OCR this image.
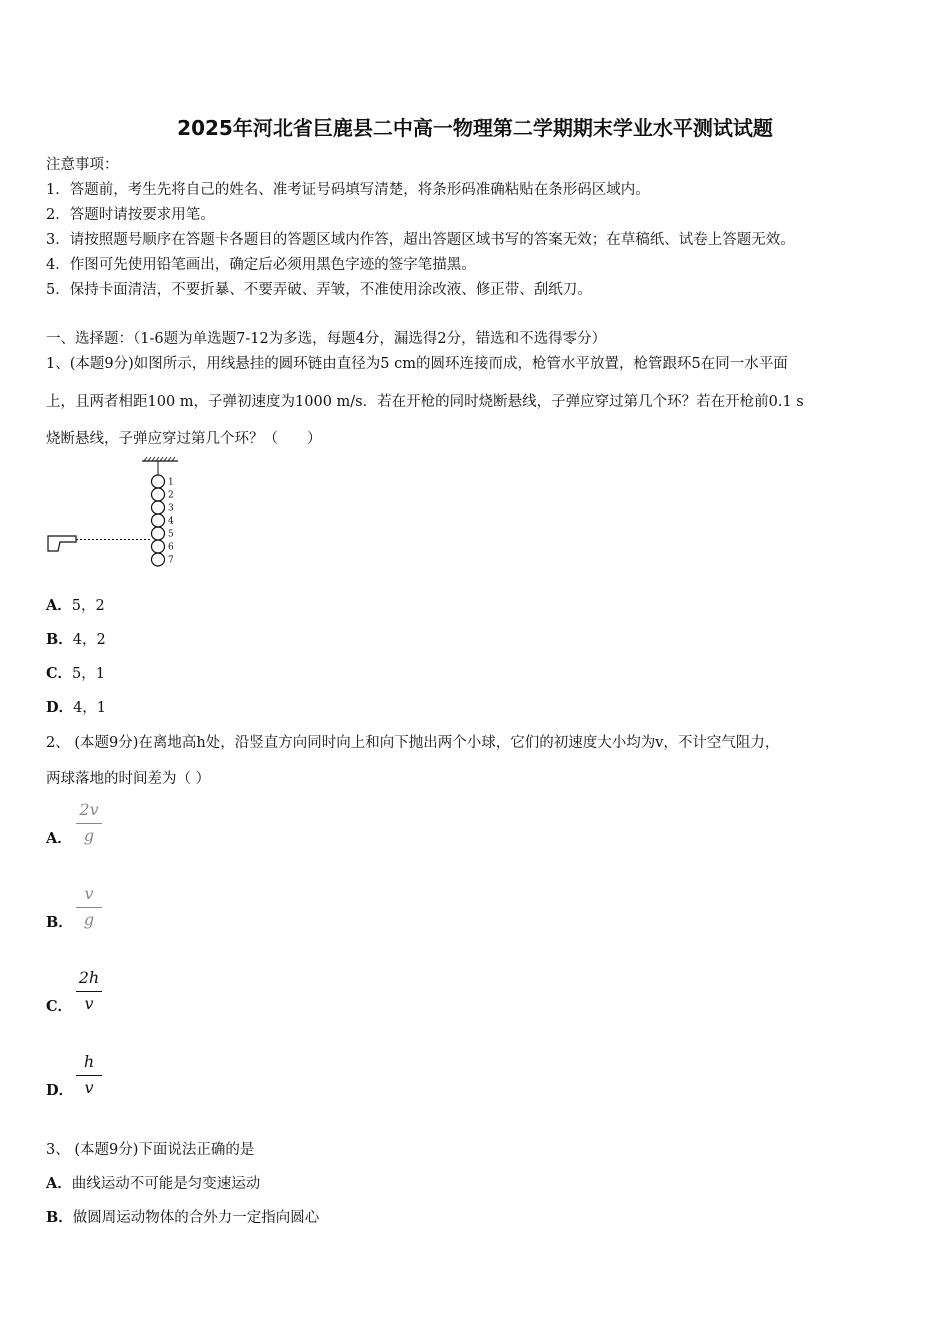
2025年河北省巨鹿县二中高一物理第二学期期末学业水平测试试题
注意事项：
1．答题前，考生先将自己的姓名、准考证号码填写清楚，将条形码准确粘贴在条形码区域内。
2．答题时请按要求用笔。
3．请按照题号顺序在答题卡各题目的答题区域内作答，超出答题区域书写的答案无效；在草稿纸、试卷上答题无效。
4．作图可先使用铅笔画出，确定后必须用黑色字迹的签字笔描黑。
5．保持卡面清洁，不要折暴、不要弄破、弄皱，不准使用涂改液、修正带、刮纸刀。
一、选择题：（1-6题为单选题7-12为多选，每题4分，漏选得2分，错选和不选得零分）
1、(本题9分)如图所示，用线悬挂的圆环链由直径为5 cm的圆环连接而成，枪管水平放置，枪管跟环5在同一水平面
上，且两者相距100 m，子弹初速度为1000 m/s．若在开枪的同时烧断悬线，子弹应穿过第几个环？若在开枪前0.1 s
烧断悬线，子弹应穿过第几个环？（　　）
1
2
3
4
5
6
7
A．5，2
B．4，2
C．5，1
D．4，1
2、 (本题9分)在离地高h处，沿竖直方向同时向上和向下抛出两个小球，它们的初速度大小均为v，不计空气阻力，
两球落地的时间差为（ ）
A．
2v
g
B．
v
g
C．
2h
v
D．
h
v
3、 (本题9分)下面说法正确的是
A．曲线运动不可能是匀变速运动
B．做圆周运动物体的合外力一定指向圆心
